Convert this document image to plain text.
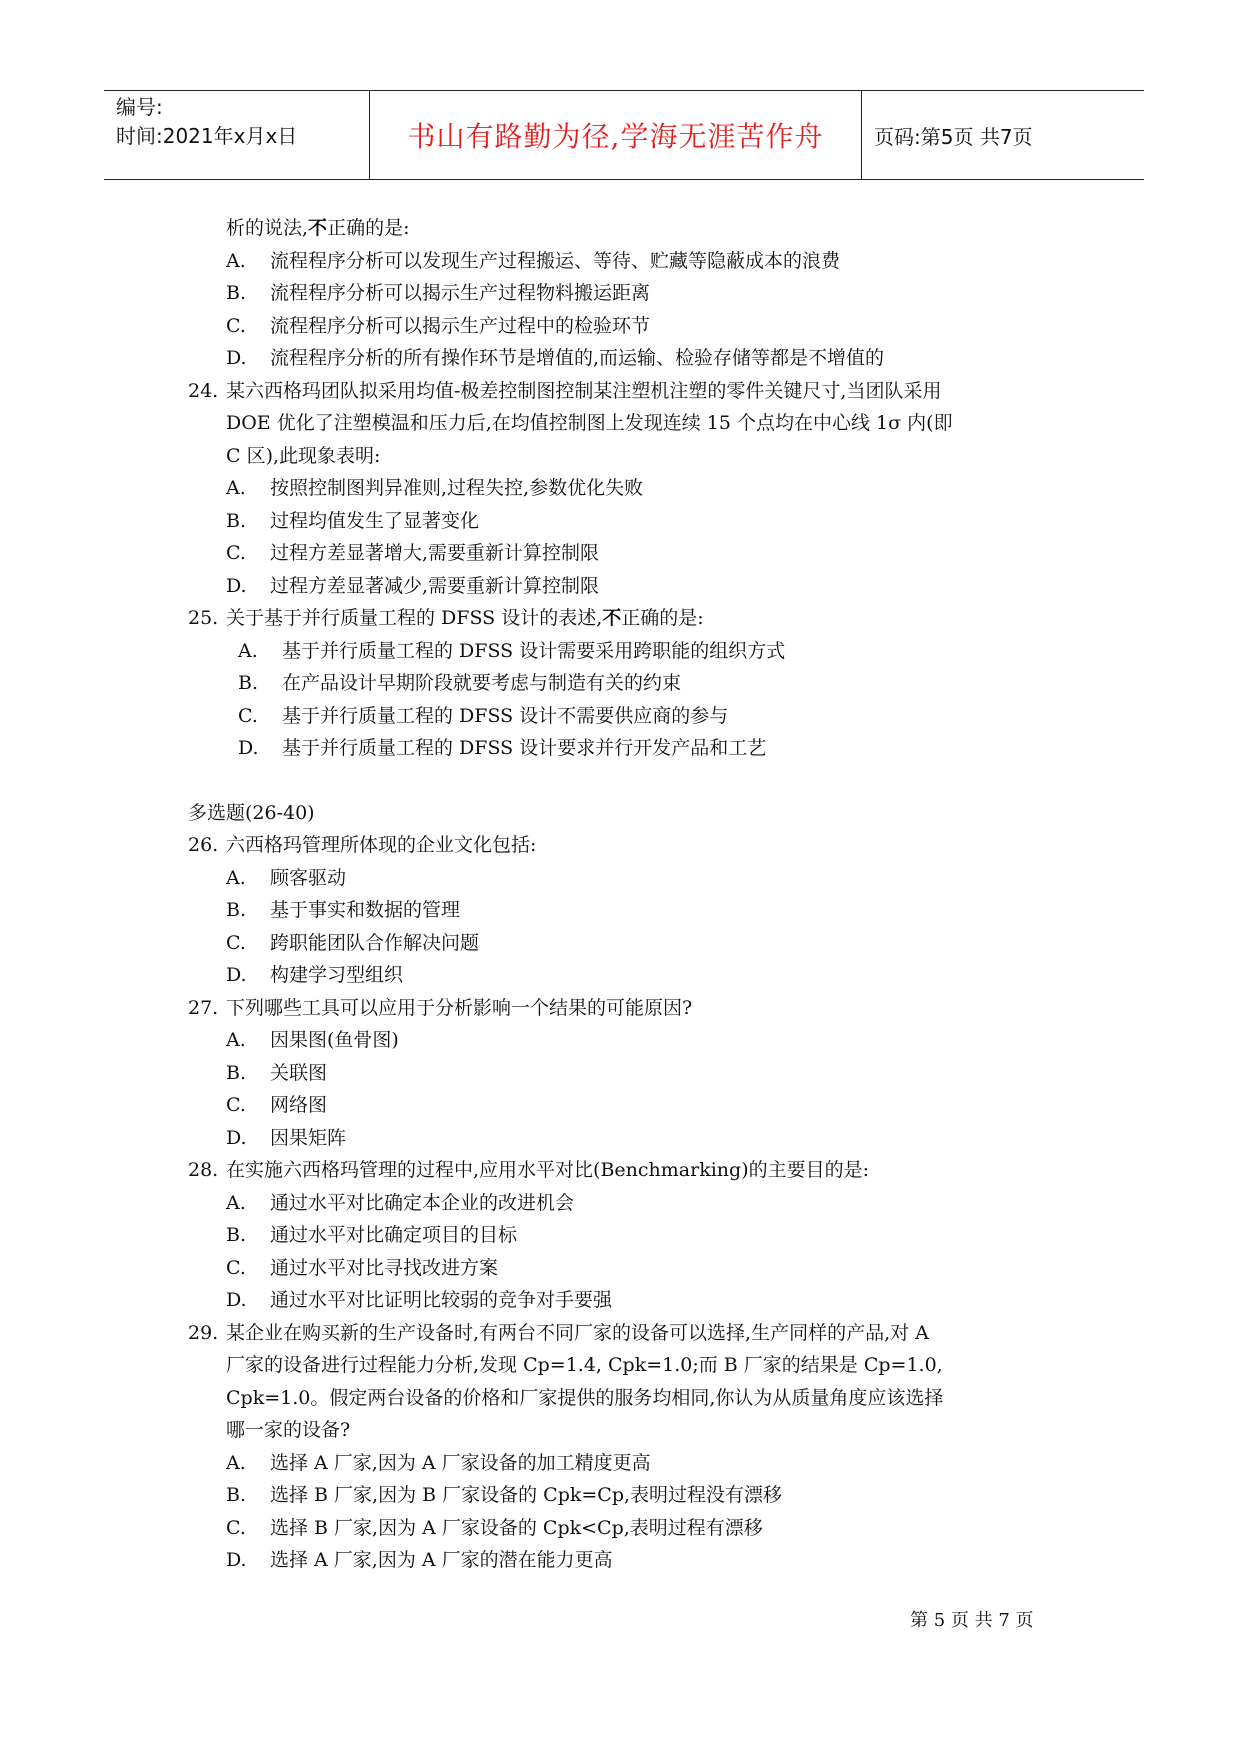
编号:
时间:2021年x月x日	书山有路勤为径,学海无涯苦作舟	页码:第5页 共7页
析的说法,不正确的是:
A.	流程程序分析可以发现生产过程搬运、等待、贮藏等隐蔽成本的浪费
B.	流程程序分析可以揭示生产过程物料搬运距离
C.	流程程序分析可以揭示生产过程中的检验环节
D.	流程程序分析的所有操作环节是增值的,而运输、检验存储等都是不增值的
24. 某六西格玛团队拟采用均值-极差控制图控制某注塑机注塑的零件关键尺寸,当团队采用
DOE 优化了注塑模温和压力后,在均值控制图上发现连续 15 个点均在中心线 1σ 内(即
C 区),此现象表明:
A.	按照控制图判异准则,过程失控,参数优化失败
B.	过程均值发生了显著变化
C.	过程方差显著增大,需要重新计算控制限
D.	过程方差显著减少,需要重新计算控制限
25. 关于基于并行质量工程的 DFSS 设计的表述,不正确的是:
A.	基于并行质量工程的 DFSS 设计需要采用跨职能的组织方式
B.	在产品设计早期阶段就要考虑与制造有关的约束
C.	基于并行质量工程的 DFSS 设计不需要供应商的参与
D.	基于并行质量工程的 DFSS 设计要求并行开发产品和工艺
多选题(26-40)
26. 六西格玛管理所体现的企业文化包括:
A.	顾客驱动
B.	基于事实和数据的管理
C.	跨职能团队合作解决问题
D.	构建学习型组织
27. 下列哪些工具可以应用于分析影响一个结果的可能原因?
A.	因果图(鱼骨图)
B.	关联图
C.	网络图
D.	因果矩阵
28. 在实施六西格玛管理的过程中,应用水平对比(Benchmarking)的主要目的是:
A.	通过水平对比确定本企业的改进机会
B.	通过水平对比确定项目的目标
C.	通过水平对比寻找改进方案
D.	通过水平对比证明比较弱的竞争对手要强
29. 某企业在购买新的生产设备时,有两台不同厂家的设备可以选择,生产同样的产品,对 A
厂家的设备进行过程能力分析,发现 Cp=1.4, Cpk=1.0;而 B 厂家的结果是 Cp=1.0,
Cpk=1.0。假定两台设备的价格和厂家提供的服务均相同,你认为从质量角度应该选择
哪一家的设备?
A.	选择 A 厂家,因为 A 厂家设备的加工精度更高
B.	选择 B 厂家,因为 B 厂家设备的 Cpk=Cp,表明过程没有漂移
C.	选择 B 厂家,因为 A 厂家设备的 Cpk<Cp,表明过程有漂移
D.	选择 A 厂家,因为 A 厂家的潜在能力更高
第 5 页 共 7 页
